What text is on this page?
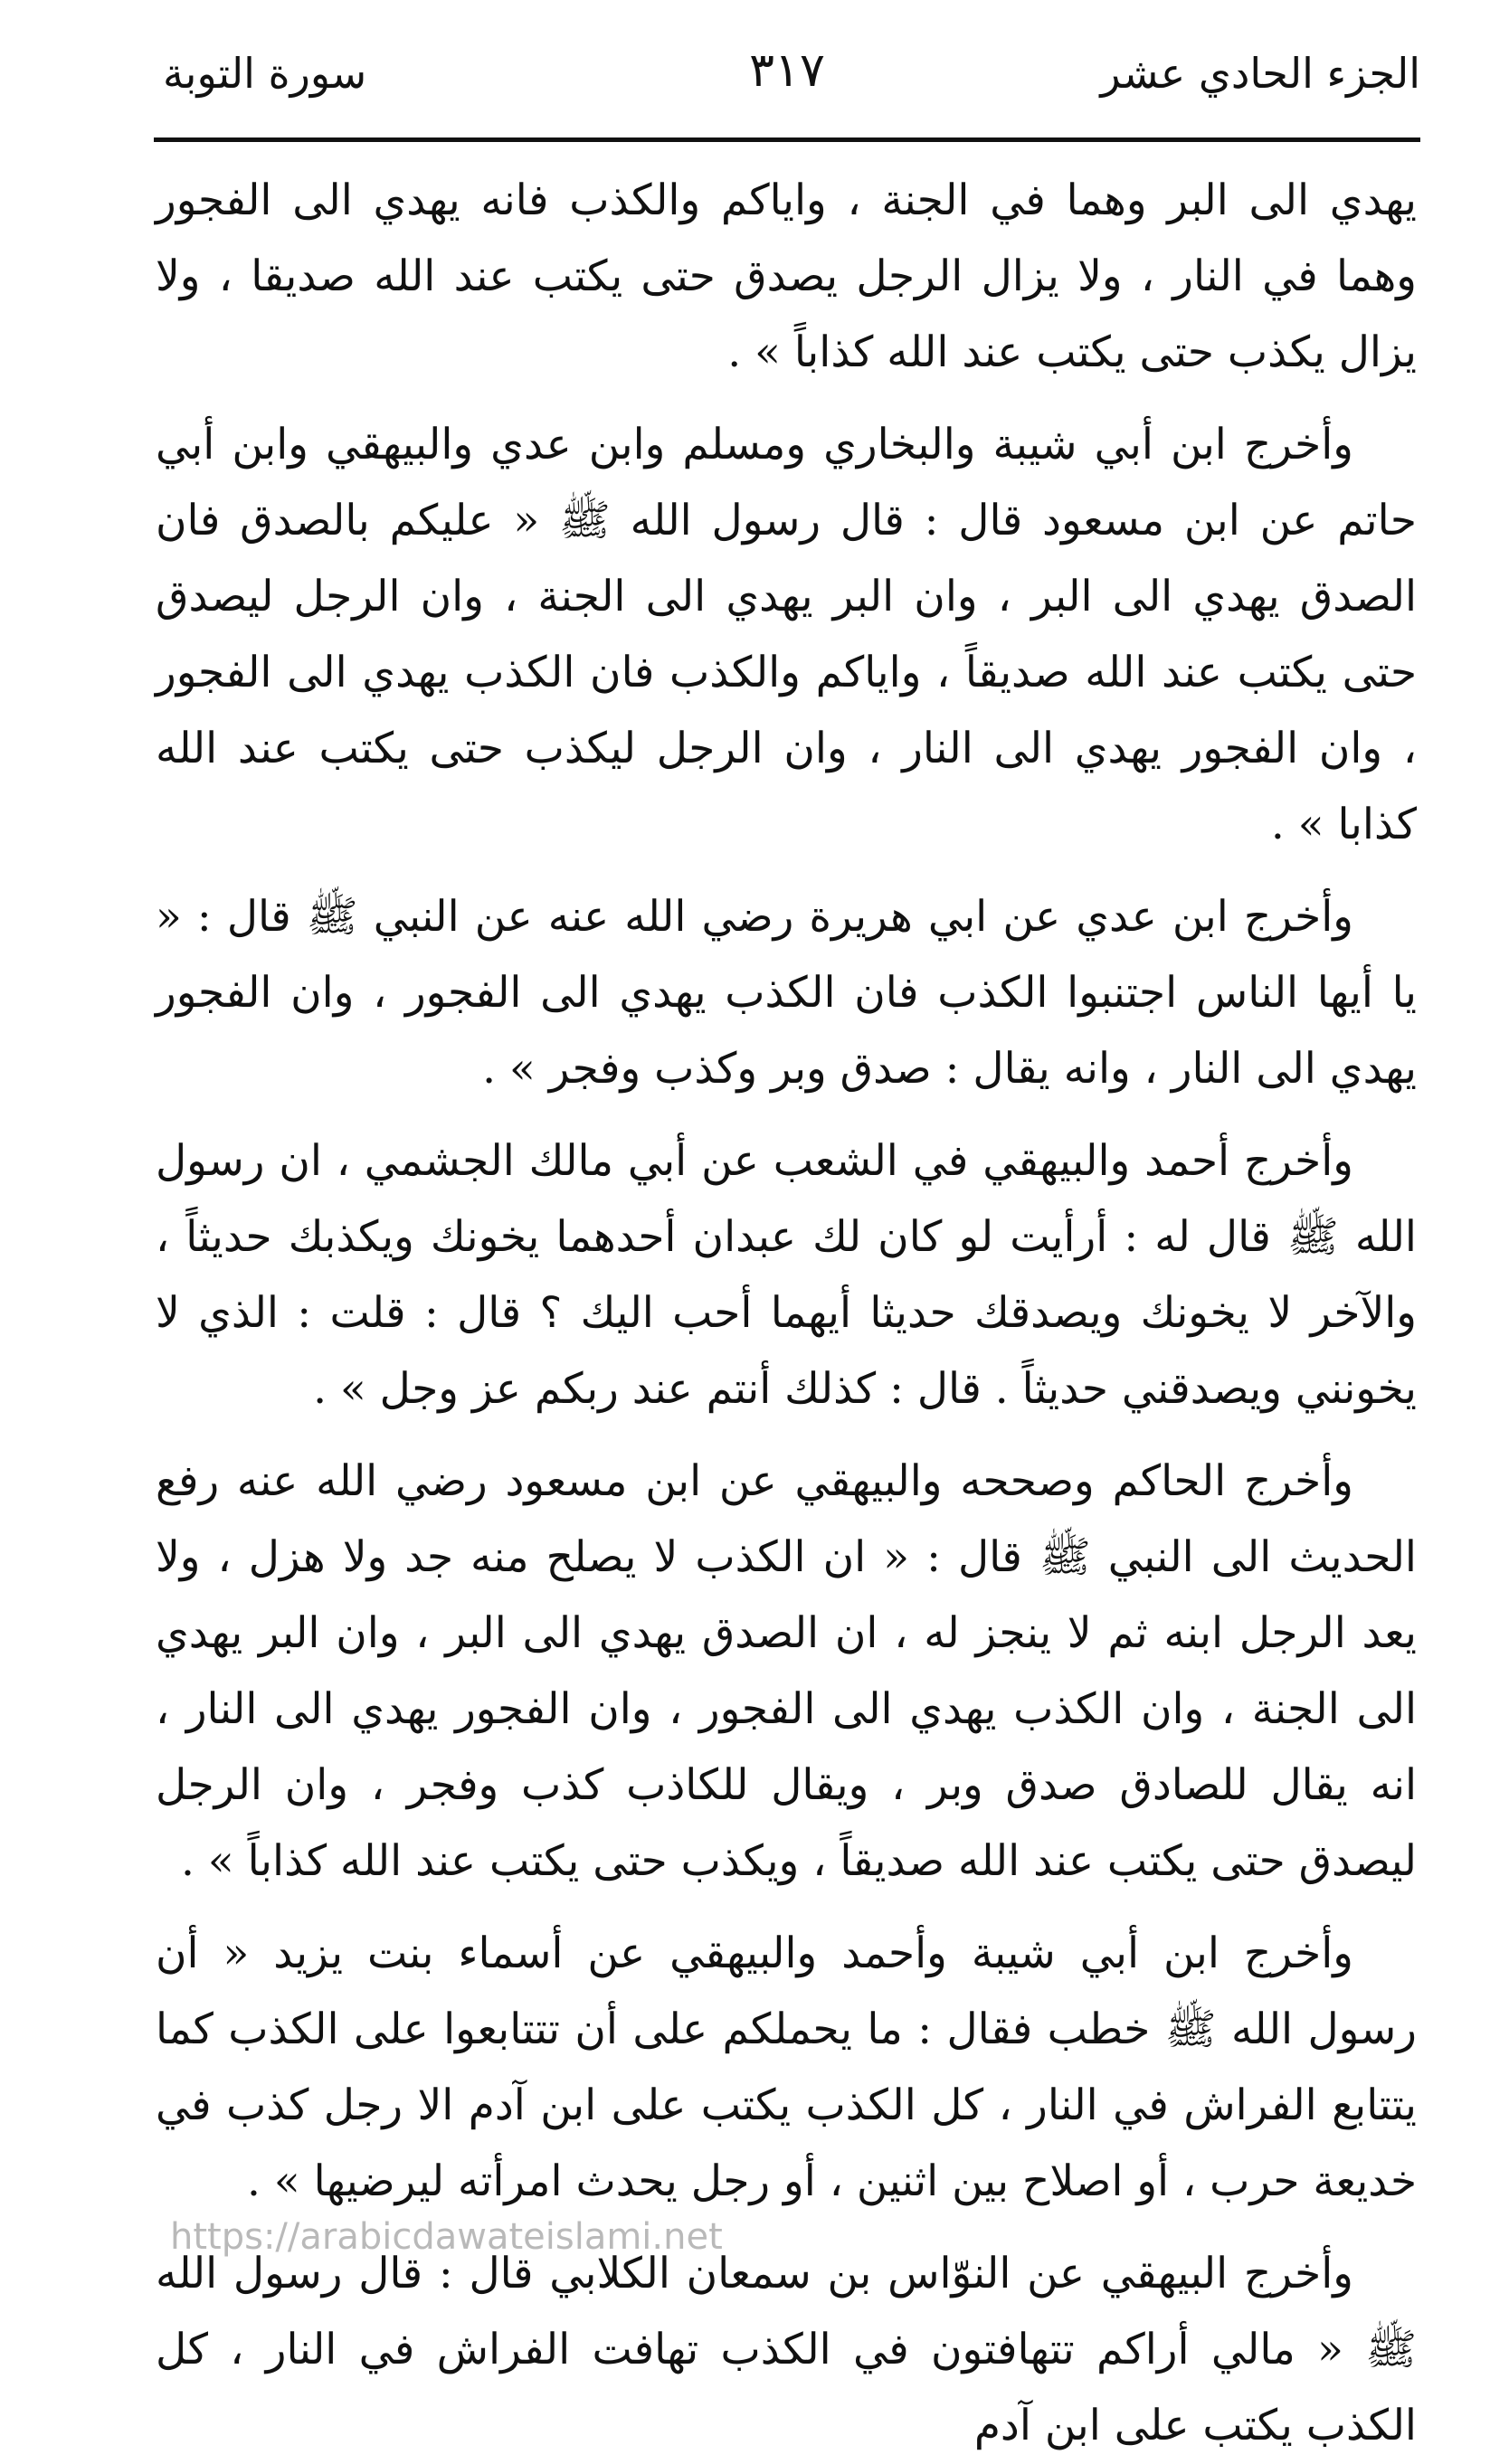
الجزء الحادي عشر
٣١٧
سورة التوبة

يهدي الى البر وهما في الجنة ، واياكم والكذب فانه يهدي الى الفجور وهما في النار ، ولا يزال الرجل يصدق حتى يكتب عند الله صديقا ، ولا يزال يكذب حتى يكتب عند الله كذاباً » .

وأخرج ابن أبي شيبة والبخاري ومسلم وابن عدي والبيهقي وابن أبي حاتم عن ابن مسعود قال : قال رسول الله ﷺ « عليكم بالصدق فان الصدق يهدي الى البر ، وان البر يهدي الى الجنة ، وان الرجل ليصدق حتى يكتب عند الله صديقاً ، واياكم والكذب فان الكذب يهدي الى الفجور ، وان الفجور يهدي الى النار ، وان الرجل ليكذب حتى يكتب عند الله كذابا » .

وأخرج ابن عدي عن ابي هريرة رضي الله عنه عن النبي ﷺ قال : « يا أيها الناس اجتنبوا الكذب فان الكذب يهدي الى الفجور ، وان الفجور يهدي الى النار ، وانه يقال : صدق وبر وكذب وفجر » .

وأخرج أحمد والبيهقي في الشعب عن أبي مالك الجشمي ، ان رسول الله ﷺ قال له : أرأيت لو كان لك عبدان أحدهما يخونك ويكذبك حديثاً ، والآخر لا يخونك ويصدقك حديثا أيهما أحب اليك ؟ قال : قلت : الذي لا يخونني ويصدقني حديثاً . قال : كذلك أنتم عند ربكم عز وجل » .

وأخرج الحاكم وصححه والبيهقي عن ابن مسعود رضي الله عنه رفع الحديث الى النبي ﷺ قال : « ان الكذب لا يصلح منه جد ولا هزل ، ولا يعد الرجل ابنه ثم لا ينجز له ، ان الصدق يهدي الى البر ، وان البر يهدي الى الجنة ، وان الكذب يهدي الى الفجور ، وان الفجور يهدي الى النار ، انه يقال للصادق صدق وبر ، ويقال للكاذب كذب وفجر ، وان الرجل ليصدق حتى يكتب عند الله صديقاً ، ويكذب حتى يكتب عند الله كذاباً » .

وأخرج ابن أبي شيبة وأحمد والبيهقي عن أسماء بنت يزيد « أن رسول الله ﷺ خطب فقال : ما يحملكم على أن تتتابعوا على الكذب كما يتتابع الفراش في النار ، كل الكذب يكتب على ابن آدم الا رجل كذب في خديعة حرب ، أو اصلاح بين اثنين ، أو رجل يحدث امرأته ليرضيها » .

وأخرج البيهقي عن النوّاس بن سمعان الكلابي قال : قال رسول الله ﷺ « مالي أراكم تتهافتون في الكذب تهافت الفراش في النار ، كل الكذب يكتب على ابن آدم

https://arabicdawateislami.net
